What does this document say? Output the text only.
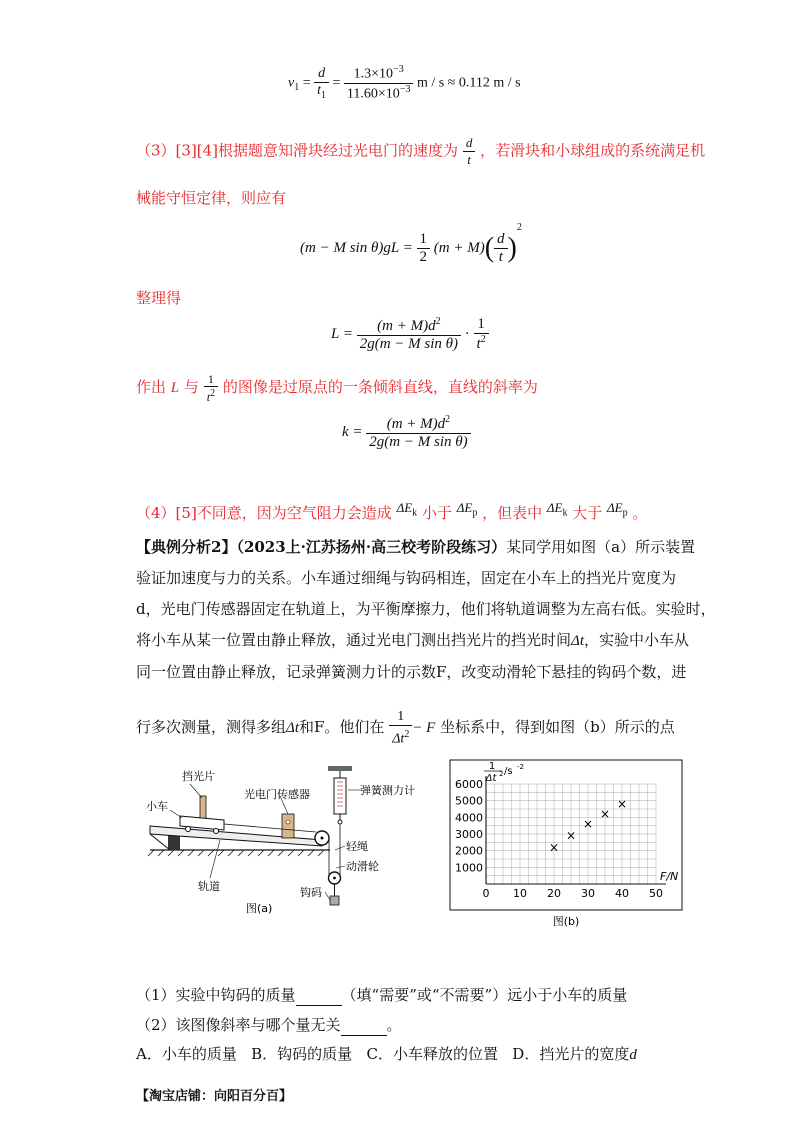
$v_1 = \frac{d}{t_1} = \frac{1.3\times 10^{-3}}{11.60\times 10^{-3}}$ m / s ≈ 0.112 m / s
（3）[3][4]根据题意知滑块经过光电门的速度为 $\frac{d}{t}$ ，若滑块和小球组成的系统满足机
械能守恒定律，则应有
(m − M $\sin \theta)gL = \frac{1}{2} (m + M)( \frac{d}{t} )^2$
整理得
$L = \frac{(m + M)d^2}{\text{2g(m − M sin θ)}} \cdot \frac{1}{t^2}$
作出 L 与 $\frac{1}{t^2}$ 的图像是过原点的一条倾斜直线，直线的斜率为
$k = \frac{(m + M)d^2}{\text{2g(m − M sin θ)}}$
（4）[5]不同意，因为空气阻力会造成 $\Delta E_k$ 小于 $\Delta E_p$ ，但表中 $\Delta E_k$ 大于 $\Delta E_p$ 。
【典例分析2】（2023上·江苏扬州·高三校考阶段练习）某同学用如图（a）所示装置
验证加速度与力的关系。小车通过细绳与钩码相连，固定在小车上的挡光片宽度为
d，光电门传感器固定在轨道上，为平衡摩擦力，他们将轨道调整为左高右低。实验时，
将小车从某一位置由静止释放，通过光电门测出挡光片的挡光时间Δt，实验中小车从
同一位置由静止释放，记录弹簧测力计的示数F，改变动滑轮下悬挂的钩码个数，进
行多次测量，测得多组Δt和F。他们在 $\frac{1}{\Delta t^2} - F$ 坐标系中，得到如图（b）所示的点
挡光片
光电门传感器	弹簧测力计
小车
轻绳
动滑轮
轨道	钩码
图(a)
0 10 20 30 40 50
1000
2000
3000
4000
5000
6000
F/N
1
Δt 2 /s -2
×
×
×
×
×
图(b)
（1）实验中钩码的质量	（填“需要”或“不需要”）远小于小车的质量
（2）该图像斜率与哪个量无关	。
A．小车的质量 B．钩码的质量 C．小车释放的位置 D．挡光片的宽度d
【淘宝店铺：向阳百分百】
